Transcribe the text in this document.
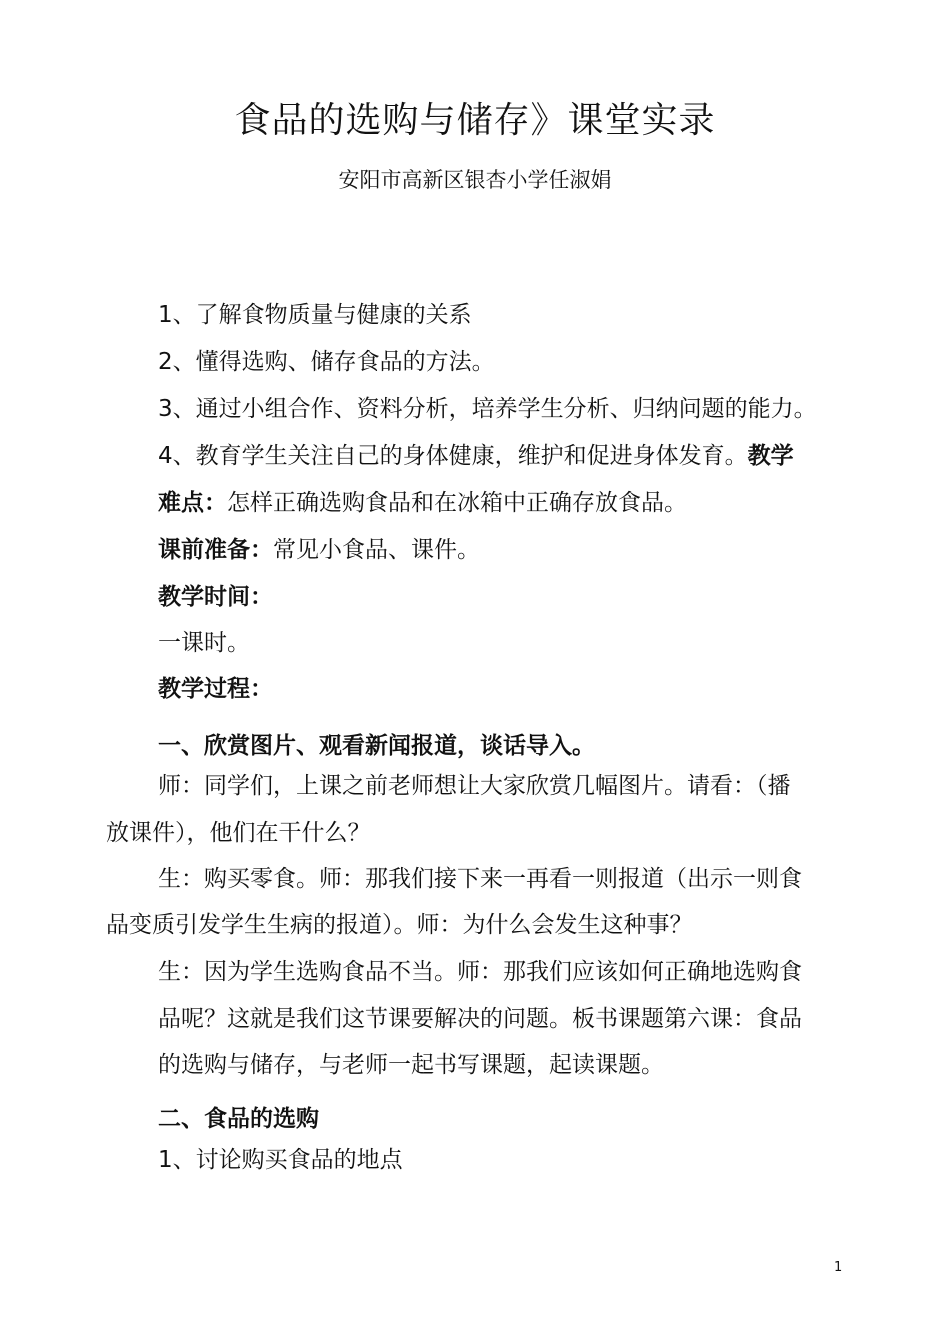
食品的选购与储存》课堂实录
安阳市高新区银杏小学任淑娟
1、了解食物质量与健康的关系
2、懂得选购、储存食品的方法。
3、通过小组合作、资料分析，培养学生分析、归纳问题的能力。
4、教育学生关注自己的身体健康，维护和促进身体发育。教学
难点：怎样正确选购食品和在冰箱中正确存放食品。
课前准备：常见小食品、课件。
教学时间：
一课时。
教学过程：
一、欣赏图片、观看新闻报道，谈话导入。
师：同学们，上课之前老师想让大家欣赏几幅图片。请看：（播
放课件），他们在干什么？
生：购买零食。师：那我们接下来一再看一则报道（出示一则食
品变质引发学生生病的报道）。师：为什么会发生这种事？
生：因为学生选购食品不当。师：那我们应该如何正确地选购食
品呢？这就是我们这节课要解决的问题。板书课题第六课：食品
的选购与储存，与老师一起书写课题，起读课题。
二、食品的选购
1、讨论购买食品的地点
1
